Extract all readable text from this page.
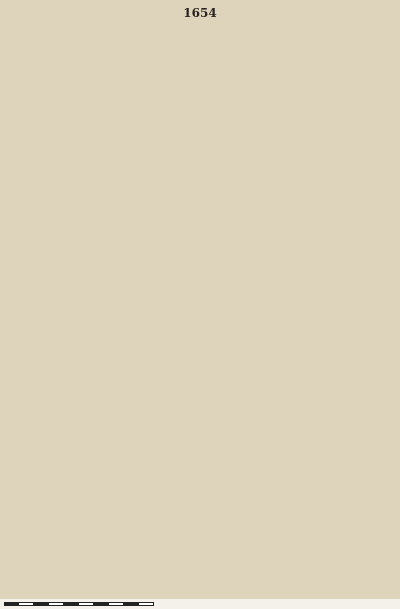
1654
